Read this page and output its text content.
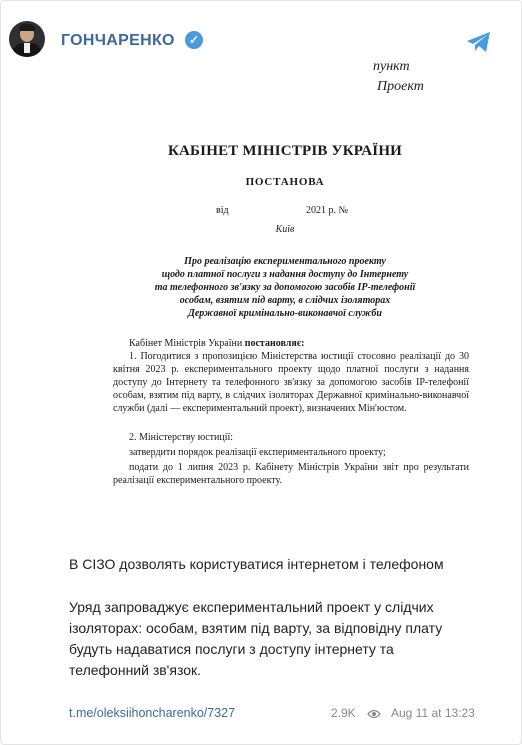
ГОНЧАРЕНКО	✓
пункт
Проект
КАБІНЕТ МІНІСТРІВ УКРАЇНИ
ПОСТАНОВА
від	2021 р. №
Київ
Про реалізацію експериментального проекту
щодо платної послуги з надання доступу до Інтернету
та телефонного зв'язку за допомогою засобів IP-телефонії
особам, взятим під варту, в слідчих ізоляторах
Державної кримінально-виконавчої служби
Кабінет Міністрів України постановляє:
1. Погодитися з пропозицією Міністерства юстиції стосовно реалізації до 30 квітня 2023 р. експериментального проекту щодо платної послуги з надання доступу до Інтернету та телефонного зв'язку за допомогою засобів IP-телефонії особам, взятим під варту, в слідчих ізоляторах Державної кримінально-виконавчої служби (далі — експериментальний проект), визначених Мін'юстом.
2. Міністерству юстиції:
затвердити порядок реалізації експериментального проекту;
подати до 1 липня 2023 р. Кабінету Міністрів України звіт про результати реалізації експериментального проекту.

В СІЗО дозволять користуватися інтернетом і телефоном

Уряд запроваджує експериментальний проект у слідчих ізоляторах: особам, взятим під варту, за відповідну плату будуть надаватися послуги з доступу інтернету та телефонний зв'язок.

t.me/oleksiihoncharenko/7327	2.9K	Aug 11 at 13:23
